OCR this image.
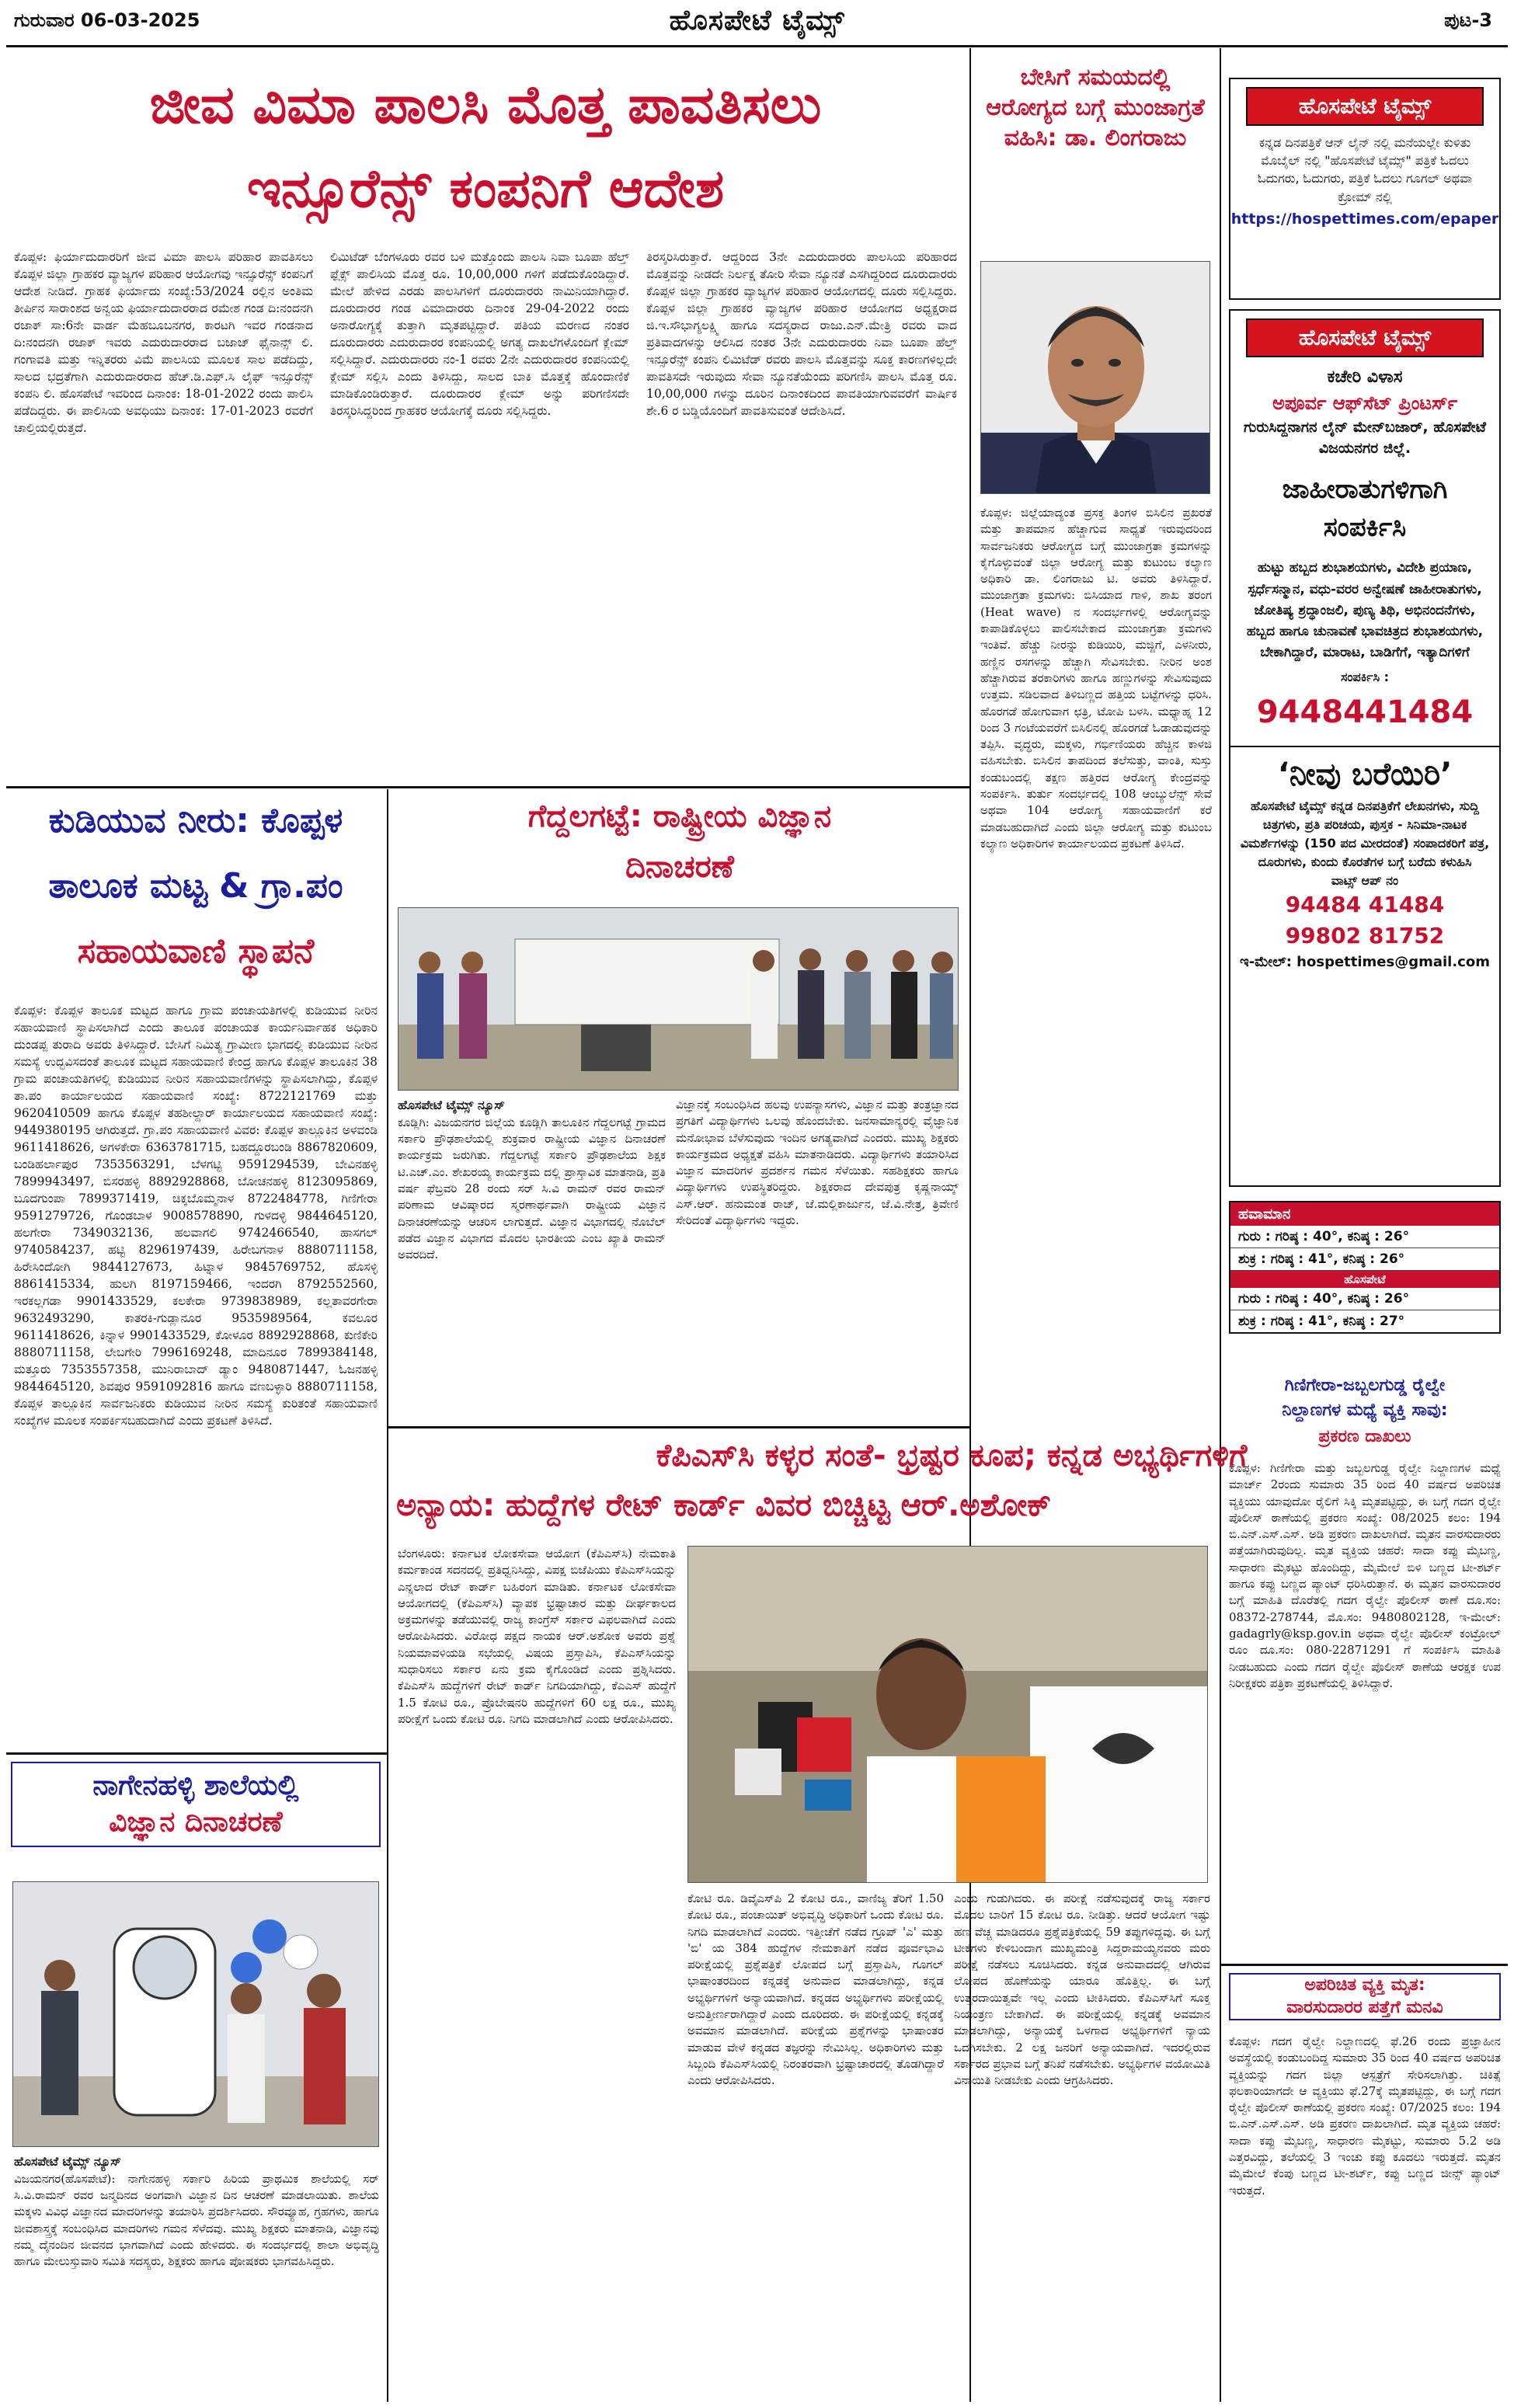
ಹೊಸಪೇಟೆ ಟೈಮ್ಸ್
ಗುರುವಾರ 06-03-2025	ಪುಟ-3
ಜೀವ ವಿಮಾ ಪಾಲಸಿ ಮೊತ್ತ ಪಾವತಿಸಲು
ಇನ್ಸೂರೆನ್ಸ್ ಕಂಪನಿಗೆ ಆದೇಶ
ಕೊಪ್ಪಳ: ಫಿರ್ಯಾದುದಾರರಿಗೆ ಜೀವ ವಿಮಾ ಪಾಲಸಿ ಪರಿಹಾರ ಪಾವತಿಸಲು ಕೊಪ್ಪಳ ಜಿಲ್ಲಾ ಗ್ರಾಹಕರ ವ್ಯಾಜ್ಯಗಳ ಪರಿಹಾರ ಆಯೋಗವು ಇನ್ಸೂರೆನ್ಸ್ ಕಂಪನಿಗೆ ಆದೇಶ ನೀಡಿದೆ. ಗ್ರಾಹಕ ಫಿರ್ಯಾದು ಸಂಖ್ಯೆ:53/2024 ರಲ್ಲಿನ ಅಂತಿಮ ತೀರ್ಪಿನ ಸಾರಾಂಶದ ಅನ್ವಯ ಫಿರ್ಯಾದುದಾರರಾದ ರಮೇಶ ಗಂಡ ದಿ:ನಂದನಗಿ ರಜಾಕ್ ಸಾ:6ನೇ ವಾರ್ಡ ಮೆಹಬೂಬನಗರ, ಕಾರಟಗಿ ಇವರ ಗಂಡನಾದ ದಿ:ನಂದನಗಿ ರಜಾಕ್ ಇವರು ಎದುರುದಾರರಾದ ಬಜಾಜ್ ಫೈನಾನ್ಸ್ ಲಿ. ಗಂಗಾವತಿ ಮತ್ತು ಇನ್ನಿತರರು ವಿಮೆ ಪಾಲಸಿಯ ಮೂಲಕ ಸಾಲ ಪಡೆದಿದ್ದು, ಸಾಲದ ಭದ್ರತೆಗಾಗಿ ಎದುರುದಾರರಾದ ಹೆಚ್.ಡಿ.ಎಫ್.ಸಿ ಲೈಫ್ ಇನ್ಸೂರೆನ್ಸ್ ಕಂಪನಿ ಲಿ. ಹೊಸಪೇಟೆ ಇವರಿಂದ ದಿನಾಂಕ: 18-01-2022 ರಂದು ಪಾಲಿಸಿ ಪಡೆದಿದ್ದರು. ಈ ಪಾಲಿಸಿಯ ಅವಧಿಯು ದಿನಾಂಕ: 17-01-2023 ರವರೆಗೆ ಚಾಲ್ತಿಯಲ್ಲಿರುತ್ತದೆ.
ಲಿಮಿಟೆಡ್ ಬೆಂಗಳೂರು ರವರ ಬಳಿ ಮತ್ತೊಂದು ಪಾಲಸಿ ನಿವಾ ಬೂಪಾ ಹೆಲ್ತ್ ಫ್ಲೆಕ್ಸ್ ಪಾಲಿಸಿಯ ಮೊತ್ತ ರೂ. 10,00,000 ಗಳಿಗೆ ಪಡೆದುಕೊಂಡಿದ್ದಾರೆ. ಮೇಲೆ ಹೇಳಿದ ಎರಡು ಪಾಲಸಿಗಳಿಗೆ ದೂರುದಾರರು ನಾಮಿನಿಯಾಗಿದ್ದಾರೆ. ದೂರುದಾರರ ಗಂಡ ವಿಮಾದಾರರು ದಿನಾಂಕ 29-04-2022 ರಂದು ಅನಾರೋಗ್ಯಕ್ಕೆ ತುತ್ತಾಗಿ ಮೃತಪಟ್ಟಿದ್ದಾರೆ. ಪತಿಯ ಮರಣದ ನಂತರ ದೂರುದಾರರು ಎದುರುದಾರರ ಕಂಪನಿಯಲ್ಲಿ ಅಗತ್ಯ ದಾಖಲೆಗಳೊಂದಿಗೆ ಕ್ಲೇಮ್ ಸಲ್ಲಿಸಿದ್ದಾರೆ. ಎದುರುದಾರರು ನಂ-1 ರವರು 2ನೇ ಎದುರುದಾರರ ಕಂಪನಿಯಲ್ಲಿ ಕ್ಲೇಮ್ ಸಲ್ಲಿಸಿ ಎಂದು ತಿಳಿಸಿದ್ದು, ಸಾಲದ ಬಾಕಿ ಮೊತ್ತಕ್ಕೆ ಹೊಂದಾಣಿಕೆ ಮಾಡಿಕೊಂಡಿರುತ್ತಾರೆ. ದೂರುದಾರರ ಕ್ಲೇಮ್ ಅನ್ನು ಪರಿಗಣಿಸದೇ ತಿರಸ್ಕರಿಸಿದ್ದರಿಂದ ಗ್ರಾಹಕರ ಆಯೋಗಕ್ಕೆ ದೂರು ಸಲ್ಲಿಸಿದ್ದರು.
ತಿರಸ್ಕರಿಸಿರುತ್ತಾರೆ. ಆದ್ದರಿಂದ 3ನೇ ಎದುರುದಾರರು ಪಾಲಸಿಯ ಪರಿಹಾರದ ಮೊತ್ತವನ್ನು ನೀಡದೇ ನಿರ್ಲಕ್ಷ ತೋರಿ ಸೇವಾ ನ್ಯೂನತೆ ಎಸಗಿದ್ದರಿಂದ ದೂರುದಾರರು ಕೊಪ್ಪಳ ಜಿಲ್ಲಾ ಗ್ರಾಹಕರ ವ್ಯಾಜ್ಯಗಳ ಪರಿಹಾರ ಆಯೋಗದಲ್ಲಿ ದೂರು ಸಲ್ಲಿಸಿದ್ದರು. ಕೊಪ್ಪಳ ಜಿಲ್ಲಾ ಗ್ರಾಹಕರ ವ್ಯಾಜ್ಯಗಳ ಪರಿಹಾರ ಆಯೋಗದ ಅಧ್ಯಕ್ಷರಾದ ಜಿ.ಇ.ಸೌಭಾಗ್ಯಲಕ್ಷ್ಮಿ ಹಾಗೂ ಸದಸ್ಯರಾದ ರಾಜು.ಎನ್.ಮೇತ್ರಿ ರವರು ವಾದ ಪ್ರತಿವಾದಗಳನ್ನು ಆಲಿಸಿದ ನಂತರ 3ನೇ ಎದುರುದಾರರು ನಿವಾ ಬೂಪಾ ಹೆಲ್ತ್ ಇನ್ಸೂರೆನ್ಸ್ ಕಂಪನಿ ಲಿಮಿಟೆಡ್ ರವರು ಪಾಲಸಿ ಮೊತ್ತವನ್ನು ಸೂಕ್ತ ಕಾರಣಗಳಿಲ್ಲದೇ ಪಾವತಿಸದೇ ಇರುವುದು ಸೇವಾ ನ್ಯೂನತೆಯೆಂದು ಪರಿಗಣಿಸಿ ಪಾಲಸಿ ಮೊತ್ತ ರೂ. 10,00,000 ಗಳನ್ನು ದೂರಿನ ದಿನಾಂಕದಿಂದ ಪಾವತಿಯಾಗುವವರೆಗೆ ವಾರ್ಷಿಕ ಶೇ.6 ರ ಬಡ್ಡಿಯೊಂದಿಗೆ ಪಾವತಿಸುವಂತೆ ಆದೇಶಿಸಿದೆ.
ಬೇಸಿಗೆ ಸಮಯದಲ್ಲಿ ಆರೋಗ್ಯದ ಬಗ್ಗೆ ಮುಂಜಾಗ್ರತೆ ವಹಿಸಿ: ಡಾ. ಲಿಂಗರಾಜು
ಕೊಪ್ಪಳ: ಜಿಲ್ಲೆಯಾದ್ಯಂತ ಪ್ರಸಕ್ತ ತಿಂಗಳ ಬಿಸಿಲಿನ ಪ್ರಖರತೆ ಮತ್ತು ತಾಪಮಾನ ಹೆಚ್ಚಾಗುವ ಸಾಧ್ಯತೆ ಇರುವುದರಿಂದ ಸಾರ್ವಜನಿಕರು ಆರೋಗ್ಯದ ಬಗ್ಗೆ ಮುಂಜಾಗ್ರತಾ ಕ್ರಮಗಳನ್ನು ಕೈಗೊಳ್ಳುವಂತೆ ಜಿಲ್ಲಾ ಆರೋಗ್ಯ ಮತ್ತು ಕುಟುಂಬ ಕಲ್ಯಾಣ ಅಧಿಕಾರಿ ಡಾ. ಲಿಂಗರಾಜು ಟಿ. ಅವರು ತಿಳಿಸಿದ್ದಾರೆ. ಮುಂಜಾಗ್ರತಾ ಕ್ರಮಗಳು: ಬಿಸಿಯಾದ ಗಾಳಿ, ಶಾಖ ತರಂಗ (Heat wave) ನ ಸಂದರ್ಭಗಳಲ್ಲಿ ಆರೋಗ್ಯವನ್ನು ಕಾಪಾಡಿಕೊಳ್ಳಲು ಪಾಲಿಸಬೇಕಾದ ಮುಂಜಾಗ್ರತಾ ಕ್ರಮಗಳು ಇಂತಿವೆ. ಹೆಚ್ಚು ನೀರನ್ನು ಕುಡಿಯಿರಿ, ಮಜ್ಜಿಗೆ, ಎಳನೀರು, ಹಣ್ಣಿನ ರಸಗಳನ್ನು ಹೆಚ್ಚಾಗಿ ಸೇವಿಸಬೇಕು. ನೀರಿನ ಅಂಶ ಹೆಚ್ಚಾಗಿರುವ ತರಕಾರಿಗಳು ಹಾಗೂ ಹಣ್ಣುಗಳನ್ನು ಸೇವಿಸುವುದು ಉತ್ತಮ. ಸಡಿಲವಾದ ತಿಳಿಬಣ್ಣದ ಹತ್ತಿಯ ಬಟ್ಟೆಗಳನ್ನು ಧರಿಸಿ. ಹೊರಗಡೆ ಹೋಗುವಾಗ ಛತ್ರಿ, ಟೋಪಿ ಬಳಸಿ. ಮಧ್ಯಾಹ್ನ 12 ರಿಂದ 3 ಗಂಟೆಯವರೆಗೆ ಬಿಸಿಲಿನಲ್ಲಿ ಹೊರಗಡೆ ಓಡಾಡುವುದನ್ನು ತಪ್ಪಿಸಿ. ವೃದ್ಧರು, ಮಕ್ಕಳು, ಗರ್ಭಿಣಿಯರು ಹೆಚ್ಚಿನ ಕಾಳಜಿ ವಹಿಸಬೇಕು. ಬಿಸಿಲಿನ ತಾಪದಿಂದ ತಲೆಸುತ್ತು, ವಾಂತಿ, ಸುಸ್ತು ಕಂಡುಬಂದಲ್ಲಿ ತಕ್ಷಣ ಹತ್ತಿರದ ಆರೋಗ್ಯ ಕೇಂದ್ರವನ್ನು ಸಂಪರ್ಕಿಸಿ. ತುರ್ತು ಸಂದರ್ಭದಲ್ಲಿ 108 ಆಂಬ್ಯುಲೆನ್ಸ್ ಸೇವೆ ಅಥವಾ 104 ಆರೋಗ್ಯ ಸಹಾಯವಾಣಿಗೆ ಕರೆ ಮಾಡಬಹುದಾಗಿದೆ ಎಂದು ಜಿಲ್ಲಾ ಆರೋಗ್ಯ ಮತ್ತು ಕುಟುಂಬ ಕಲ್ಯಾಣ ಅಧಿಕಾರಿಗಳ ಕಾರ್ಯಾಲಯದ ಪ್ರಕಟಣೆ ತಿಳಿಸಿದೆ.
ಹೊಸಪೇಟೆ ಟೈಮ್ಸ್
ಕನ್ನಡ ದಿನಪತ್ರಿಕೆ ಆನ್ ಲೈನ್ ನಲ್ಲಿ ಮನೆಯಲ್ಲೇ ಕುಳಿತು ಮೊಬೈಲ್ ನಲ್ಲಿ "ಹೊಸಪೇಟೆ ಟೈಮ್ಸ್" ಪತ್ರಿಕೆ ಓದಲು ಓದುಗರು, ಓದುಗರು, ಪತ್ರಿಕೆ ಓದಲು ಗೂಗಲ್ ಅಥವಾ ಕ್ರೋಮ್ ನಲ್ಲಿ
https://hospettimes.com/epaper
ಹೊಸಪೇಟೆ ಟೈಮ್ಸ್
ಕಚೇರಿ ವಿಳಾಸ
ಅಪೂರ್ವ ಆಫ್‌ಸೆಟ್ ಪ್ರಿಂಟರ್ಸ್
ಗುರುಸಿದ್ದನಾಗನ ಲೈನ್ ಮೇನ್‌ಬಜಾರ್, ಹೊಸಪೇಟೆ ವಿಜಯನಗರ ಜಿಲ್ಲೆ.
ಜಾಹೀರಾತುಗಳಿಗಾಗಿ
ಸಂಪರ್ಕಿಸಿ
ಹುಟ್ಟು ಹಬ್ಬದ ಶುಭಾಶಯಗಳು, ವಿದೇಶಿ ಪ್ರಯಾಣ, ಸ್ಪರ್ಧೆಸನ್ಮಾನ, ವಧು-ವರರ ಅನ್ವೇಷಣೆ ಜಾಹೀರಾತುಗಳು, ಜೋತಿಷ್ಯ ಶ್ರದ್ಧಾಂಜಲಿ, ಪುಣ್ಯ ತಿಥಿ, ಅಭಿನಂದನೆಗಳು, ಹಬ್ಬದ ಹಾಗೂ ಚುನಾವಣೆ ಭಾವಚಿತ್ರದ ಶುಭಾಶಯಗಳು, ಬೇಕಾಗಿದ್ದಾರೆ, ಮಾರಾಟ, ಬಾಡಿಗೆಗೆ, ಇತ್ಯಾದಿಗಳಿಗೆ
ಸಂಪರ್ಕಿಸಿ :
9448441484
‘ನೀವು ಬರೆಯಿರಿ’
ಹೊಸಪೇಟೆ ಟೈಮ್ಸ್ ಕನ್ನಡ ದಿನಪತ್ರಿಕೆಗೆ ಲೇಖನಗಳು, ಸುದ್ದಿ ಚಿತ್ರಗಳು, ಪ್ರತಿ ಪರಿಚಯ, ಪುಸ್ತಕ - ಸಿನಿಮಾ-ನಾಟಕ ವಿಮರ್ಶೆಗಳನ್ನು (150 ಪದ ಮೀರದಂತೆ) ಸಂಪಾದಕರಿಗೆ ಪತ್ರ, ದೂರುಗಳು, ಕುಂದು ಕೊರತೆಗಳ ಬಗ್ಗೆ ಬರೆದು ಕಳುಹಿಸಿ
ವಾಟ್ಸ್ ಆಪ್ ನಂ
94484 41484
99802 81752
ಇ-ಮೇಲ್: hospettimes@gmail.com
ಹವಾಮಾನ
ಗುರು : ಗರಿಷ್ಠ : 40°, ಕನಿಷ್ಠ : 26°
ಶುಕ್ರ : ಗರಿಷ್ಠ : 41°, ಕನಿಷ್ಠ : 26°
ಹೊಸಪೇಟೆ
ಗುರು : ಗರಿಷ್ಠ : 40°, ಕನಿಷ್ಠ : 26°
ಶುಕ್ರ : ಗರಿಷ್ಠ : 41°, ಕನಿಷ್ಠ : 27°
ಗಿಣಿಗೇರಾ-ಜಬ್ಬಲಗುಡ್ಡ ರೈಲ್ವೇ
ನಿಲ್ದಾಣಗಳ ಮಧ್ಯೆ ವ್ಯಕ್ತಿ ಸಾವು:
ಪ್ರಕರಣ ದಾಖಲು
ಕೊಪ್ಪಳ: ಗಿಣಿಗೇರಾ ಮತ್ತು ಜಬ್ಬಲಗುಡ್ಡ ರೈಲ್ವೇ ನಿಲ್ದಾಣಗಳ ಮಧ್ಯೆ ಮಾರ್ಚ್ 2ರಂದು ಸುಮಾರು 35 ರಿಂದ 40 ವರ್ಷದ ಅಪರಿಚಿತ ವ್ಯಕ್ತಿಯು ಯಾವುದೋ ರೈಲಿಗೆ ಸಿಕ್ಕಿ ಮೃತಪಟ್ಟಿದ್ದು, ಈ ಬಗ್ಗೆ ಗದಗ ರೈಲ್ವೇ ಪೊಲೀಸ್ ಠಾಣೆಯಲ್ಲಿ ಪ್ರಕರಣ ಸಂಖ್ಯೆ: 08/2025 ಕಲಂ: 194 ಬಿ.ಎನ್.ಎಸ್.ಎಸ್. ಅಡಿ ಪ್ರಕರಣ ದಾಖಲಾಗಿದೆ. ಮೃತನ ವಾರಸುದಾರರು ಪತ್ತೆಯಾಗಿರುವುದಿಲ್ಲ. ಮೃತ ವ್ಯಕ್ತಿಯ ಚಹರೆ: ಸಾದಾ ಕಪ್ಪು ಮೈಬಣ್ಣ, ಸಾಧಾರಣ ಮೈಕಟ್ಟು ಹೊಂದಿದ್ದು, ಮೈಮೇಲೆ ಬಿಳಿ ಬಣ್ಣದ ಟೀ-ಶರ್ಟ್ ಹಾಗೂ ಕಪ್ಪು ಬಣ್ಣದ ಪ್ಯಾಂಟ್ ಧರಿಸಿರುತ್ತಾನೆ. ಈ ಮೃತನ ವಾರಸುದಾರರ ಬಗ್ಗೆ ಮಾಹಿತಿ ದೊರೆತಲ್ಲಿ ಗದಗ ರೈಲ್ವೇ ಪೊಲೀಸ್ ಠಾಣೆ ದೂ.ಸಂ: 08372-278744, ಮೊ.ಸಂ: 9480802128, ಇ-ಮೇಲ್: gadagrly@ksp.gov.in ಅಥವಾ ರೈಲ್ವೇ ಪೊಲೀಸ್ ಕಂಟ್ರೋಲ್ ರೂಂ ದೂ.ಸಂ: 080-22871291 ಗೆ ಸಂಪರ್ಕಿಸಿ ಮಾಹಿತಿ ನೀಡಬಹುದು ಎಂದು ಗದಗ ರೈಲ್ವೇ ಪೊಲೀಸ್ ಠಾಣೆಯ ಆರಕ್ಷಕ ಉಪ ನಿರೀಕ್ಷಕರು ಪತ್ರಿಕಾ ಪ್ರಕಟಣೆಯಲ್ಲಿ ತಿಳಿಸಿದ್ದಾರೆ.
ಅಪರಿಚಿತ ವ್ಯಕ್ತಿ ಮೃತ:
ವಾರಸುದಾರರ ಪತ್ತೆಗೆ ಮನವಿ
ಕೊಪ್ಪಳ: ಗದಗ ರೈಲ್ವೇ ನಿಲ್ದಾಣದಲ್ಲಿ ಫೆ.26 ರಂದು ಪ್ರಜ್ಞಾಹೀನ ಅವಸ್ಥೆಯಲ್ಲಿ ಕಂಡುಬಂದಿದ್ದ ಸುಮಾರು 35 ರಿಂದ 40 ವರ್ಷದ ಅಪರಿಚಿತ ವ್ಯಕ್ತಿಯನ್ನು ಗದಗ ಜಿಲ್ಲಾ ಆಸ್ಪತ್ರೆಗೆ ಸೇರಿಸಲಾಗಿತ್ತು. ಚಿಕಿತ್ಸೆ ಫಲಕಾರಿಯಾಗದೇ ಆ ವ್ಯಕ್ತಿಯು ಫೆ.27ಕ್ಕೆ ಮೃತಪಟ್ಟಿದ್ದು, ಈ ಬಗ್ಗೆ ಗದಗ ರೈಲ್ವೇ ಪೊಲೀಸ್ ಠಾಣೆಯಲ್ಲಿ ಪ್ರಕರಣ ಸಂಖ್ಯೆ: 07/2025 ಕಲಂ: 194 ಬಿ.ಎನ್.ಎಸ್.ಎಸ್. ಅಡಿ ಪ್ರಕರಣ ದಾಖಲಾಗಿದೆ. ಮೃತ ವ್ಯಕ್ತಿಯ ಚಹರೆ: ಸಾದಾ ಕಪ್ಪು ಮೈಬಣ್ಣ, ಸಾಧಾರಣ ಮೈಕಟ್ಟು, ಸುಮಾರು 5.2 ಅಡಿ ಎತ್ತರವಿದ್ದು, ತಲೆಯಲ್ಲಿ 3 ಇಂಚು ಕಪ್ಪು ಕೂದಲು ಇರುತ್ತದೆ. ಮೃತನ ಮೈಮೇಲೆ ಕೆಂಪು ಬಣ್ಣದ ಟೀ-ಶರ್ಟ್, ಕಪ್ಪು ಬಣ್ಣದ ಜೀನ್ಸ್ ಪ್ಯಾಂಟ್ ಇರುತ್ತದೆ.
ಕುಡಿಯುವ ನೀರು: ಕೊಪ್ಪಳ
ತಾಲೂಕ ಮಟ್ಟ & ಗ್ರಾ.ಪಂ
ಸಹಾಯವಾಣಿ ಸ್ಥಾಪನೆ
ಕೊಪ್ಪಳ: ಕೊಪ್ಪಳ ತಾಲೂಕ ಮಟ್ಟದ ಹಾಗೂ ಗ್ರಾಮ ಪಂಚಾಯತಿಗಳಲ್ಲಿ ಕುಡಿಯುವ ನೀರಿನ ಸಹಾಯವಾಣಿ ಸ್ಥಾಪಿಸಲಾಗಿದೆ ಎಂದು ತಾಲೂಕ ಪಂಚಾಯತ ಕಾರ್ಯನಿರ್ವಾಹಕ ಅಧಿಕಾರಿ ದುಂಡಪ್ಪ ತುರಾದಿ ಅವರು ತಿಳಿಸಿದ್ದಾರೆ. ಬೇಸಿಗೆ ನಿಮಿತ್ಯ ಗ್ರಾಮೀಣ ಭಾಗದಲ್ಲಿ ಕುಡಿಯುವ ನೀರಿನ ಸಮಸ್ಯೆ ಉದ್ಭವಿಸದಂತೆ ತಾಲೂಕ ಮಟ್ಟದ ಸಹಾಯವಾಣಿ ಕೇಂದ್ರ ಹಾಗೂ ಕೊಪ್ಪಳ ತಾಲೂಕಿನ 38 ಗ್ರಾಮ ಪಂಚಾಯತಿಗಳಲ್ಲಿ ಕುಡಿಯುವ ನೀರಿನ ಸಹಾಯವಾಣಿಗಳನ್ನು ಸ್ಥಾಪಿಸಲಾಗಿದ್ದು, ಕೊಪ್ಪಳ ತಾ.ಪಂ ಕಾರ್ಯಾಲಯದ ಸಹಾಯವಾಣಿ ಸಂಖ್ಯೆ: 8722121769 ಮತ್ತು 9620410509 ಹಾಗೂ ಕೊಪ್ಪಳ ತಹಶೀಲ್ದಾರ್ ಕಾರ್ಯಾಲಯದ ಸಹಾಯವಾಣಿ ಸಂಖ್ಯೆ: 9449380195 ಆಗಿರುತ್ತದೆ. ಗ್ರಾ.ಪಂ ಸಹಾಯವಾಣಿ ವಿವರ: ಕೊಪ್ಪಳ ತಾಲ್ಲೂಕಿನ ಅಳವಂಡಿ 9611418626, ಅಗಳಕೇರಾ 6363781715, ಬಹದ್ದೂರಬಂಡಿ 8867820609, ಬಂಡಿಹರ್ಲಾಪುರ 7353563291, ಬೆಳಗಟ್ಟಿ 9591294539, ಬೇವಿನಹಳ್ಳಿ 7899943497, ಬಿಸರಹಳ್ಳಿ 8892928868, ಬೋಚನಹಳ್ಳಿ 8123095869, ಬೂದಗುಂಪಾ 7899371419, ಚಿಕ್ಕಬೊಮ್ಮನಾಳ 8722484778, ಗಿಣಿಗೇರಾ 9591279726, ಗೊಂಡಬಾಳ 9008578890, ಗುಳದಳ್ಳಿ 9844645120, ಹಲಗೇರಾ 7349032136, ಹಲವಾಗಲಿ 9742466540, ಹಾಸಗಲ್ 9740584237, ಹಟ್ಟಿ 8296197439, ಹಿರೇಬಗನಾಳ 8880711158, ಹಿರೇಸಿಂದೋಗಿ 9844127673, ಹಿಟ್ನಾಳ 9845769752, ಹೊಸಳ್ಳಿ 8861415334, ಹುಲಗಿ 8197159466, ಇಂದರಗಿ 8792552560, ಇರಕಲ್ಲಗಡಾ 9901433529, ಕಲಕೇರಾ 9739838989, ಕಲ್ಲತಾವರಗೇರಾ 9632493290, ಕಾತರಕಿ-ಗುಡ್ಲಾನೂರ 9535989564, ಕವಲೂರ 9611418626, ಕಿನ್ನಾಳ 9901433529, ಕೋಳೂರ 8892928868, ಕುಣಿಕೇರಿ 8880711158, ಲೇಬಗೇರಿ 7996169248, ಮಾದಿನೂರ 7899384148, ಮತ್ತೂರು 7353557358, ಮುನಿರಾಬಾದ್ ಡ್ಯಾಂ 9480871447, ಓಜನಹಳ್ಳಿ 9844645120, ಶಿವಪುರ 9591092816 ಹಾಗೂ ವಣಬಳ್ಳಾರಿ 8880711158, ಕೊಪ್ಪಳ ತಾಲ್ಲೂಕಿನ ಸಾರ್ವಜನಿಕರು ಕುಡಿಯುವ ನೀರಿನ ಸಮಸ್ಯೆ ಕುರಿತಂತೆ ಸಹಾಯವಾಣಿ ಸಂಖ್ಯೆಗಳ ಮೂಲಕ ಸಂಪರ್ಕಿಸಬಹುದಾಗಿದೆ ಎಂದು ಪ್ರಕಟಣೆ ತಿಳಿಸಿದೆ.
ಗೆದ್ದಲಗಟ್ಟೆ: ರಾಷ್ಟ್ರೀಯ ವಿಜ್ಞಾನ
ದಿನಾಚರಣೆ
ಹೊಸಪೇಟೆ ಟೈಮ್ಸ್ ನ್ಯೂಸ್
ಕೂಡ್ಲಿಗಿ: ವಿಜಯನಗರ ಜಿಲ್ಲೆಯ ಕೂಡ್ಲಿಗಿ ತಾಲೂಕಿನ ಗೆದ್ದಲಗಟ್ಟೆ ಗ್ರಾಮದ ಸರ್ಕಾರಿ ಪ್ರೌಢಶಾಲೆಯಲ್ಲಿ ಶುಕ್ರವಾರ ರಾಷ್ಟ್ರೀಯ ವಿಜ್ಞಾನ ದಿನಾಚರಣೆ ಕಾರ್ಯಕ್ರಮ ಜರುಗಿತು. ಗೆದ್ದಲಗಟ್ಟೆ ಸರ್ಕಾರಿ ಪ್ರೌಢಶಾಲೆಯ ಶಿಕ್ಷಕ ಟಿ.ಎಚ್.ಎಂ. ಶೇಖರಯ್ಯ ಕಾರ್ಯಕ್ರಮ ದಲ್ಲಿ ಪ್ರಾಸ್ತಾವಿಕ ಮಾತನಾಡಿ, ಪ್ರತಿ ವರ್ಷ ಫೆಬ್ರವರಿ 28 ರಂದು ಸರ್ ಸಿ.ವಿ ರಾಮನ್ ರವರ ರಾಮನ್ ಪರಿಣಾಮ ಆವಿಷ್ಕಾರದ ಸ್ಮರಣಾರ್ಥವಾಗಿ ರಾಷ್ಟ್ರೀಯ ವಿಜ್ಞಾನ ದಿನಾಚರಣೆಯನ್ನು ಆಚರಿಸ ಲಾಗುತ್ತದೆ. ವಿಜ್ಞಾನ ವಿಭಾಗದಲ್ಲಿ ನೊಬೆಲ್ ಪಡೆದ ವಿಜ್ಞಾನ ವಿಭಾಗದ ಮೊದಲ ಭಾರತೀಯ ಎಂಬ ಖ್ಯಾತಿ ರಾಮನ್ ಅವರದಿದೆ.
ವಿಜ್ಞಾನಕ್ಕೆ ಸಂಬಂಧಿಸಿದ ಹಲವು ಉಪನ್ಯಾಸಗಳು, ವಿಜ್ಞಾನ ಮತ್ತು ತಂತ್ರಜ್ಞಾನದ ಪ್ರಗತಿಗೆ ವಿದ್ಯಾರ್ಥಿಗಳು ಒಲವು ಹೊಂದಬೇಕು. ಜನಸಾಮಾನ್ಯರಲ್ಲಿ ವೈಜ್ಞಾನಿಕ ಮನೋಭಾವ ಬೆಳೆಸುವುದು ಇಂದಿನ ಅಗತ್ಯವಾಗಿದೆ ಎಂದರು. ಮುಖ್ಯ ಶಿಕ್ಷಕರು ಕಾರ್ಯಕ್ರಮದ ಅಧ್ಯಕ್ಷತೆ ವಹಿಸಿ ಮಾತನಾಡಿದರು. ವಿದ್ಯಾರ್ಥಿಗಳು ತಯಾರಿಸಿದ ವಿಜ್ಞಾನ ಮಾದರಿಗಳ ಪ್ರದರ್ಶನ ಗಮನ ಸೆಳೆಯಿತು. ಸಹಶಿಕ್ಷಕರು ಹಾಗೂ ವಿದ್ಯಾರ್ಥಿಗಳು ಉಪಸ್ಥಿತರಿದ್ದರು. ಶಿಕ್ಷಕರಾದ ದೇವಪುತ್ರ ಕೃಷ್ಣನಾಯ್ಕ್ ಎಸ್.ಆರ್. ಹನುಮಂತ ರಾಜ್, ಜೆ.ಮಲ್ಲಿಕಾರ್ಜುನ, ಜೆ.ವಿ.ನೇತ್ರ, ತ್ರಿವೇಣಿ ಸೇರಿದಂತೆ ವಿದ್ಯಾರ್ಥಿಗಳು ಇದ್ದರು.
ಕೆಪಿಎಸ್‌ಸಿ ಕಳ್ಳರ ಸಂತೆ- ಭ್ರಷ್ಟರ ಕೂಪ; ಕನ್ನಡ ಅಭ್ಯರ್ಥಿಗಳಿಗೆ
ಅನ್ಯಾಯ: ಹುದ್ದೆಗಳ ರೇಟ್ ಕಾರ್ಡ್ ವಿವರ ಬಿಚ್ಚಿಟ್ಟ ಆರ್.ಅಶೋಕ್
ಬೆಂಗಳೂರು: ಕರ್ನಾಟಕ ಲೋಕಸೇವಾ ಆಯೋಗ (ಕೆಪಿಎಸ್‌ಸಿ) ನೇಮಕಾತಿ ಕರ್ಮಕಾಂಡ ಸದನದಲ್ಲಿ ಪ್ರತಿಧ್ವನಿಸಿದ್ದು, ವಿಪಕ್ಷ ಬಿಜೆಪಿಯು ಕೆಪಿಎಸ್‌ಸಿಯನ್ನು ಎನ್ನಲಾದ ರೇಟ್ ಕಾರ್ಡ್ ಬಹಿರಂಗ ಮಾಡಿತು. ಕರ್ನಾಟಕ ಲೋಕಸೇವಾ ಆಯೋಗದಲ್ಲಿ (ಕೆಪಿಎಸ್‌ಸಿ) ವ್ಯಾಪಕ ಭ್ರಷ್ಟಾಚಾರ ಮತ್ತು ದೀರ್ಘಕಾಲದ ಅಕ್ರಮಗಳನ್ನು ತಡೆಯುವಲ್ಲಿ ರಾಜ್ಯ ಕಾಂಗ್ರೆಸ್ ಸರ್ಕಾರ ವಿಫಲವಾಗಿದೆ ಎಂದು ಆರೋಪಿಸಿದರು. ವಿರೋಧ ಪಕ್ಷದ ನಾಯಕ ಆರ್.ಅಶೋಕ ಅವರು ಪ್ರಶ್ನೆ ನಿಯಮಾವಳಿಯಡಿ ಸಭೆಯಲ್ಲಿ ವಿಷಯ ಪ್ರಸ್ತಾಪಿಸಿ, ಕೆಪಿಎಸ್‌ಸಿಯನ್ನು ಸುಧಾರಿಸಲು ಸರ್ಕಾರ ಏನು ಕ್ರಮ ಕೈಗೊಂಡಿದೆ ಎಂದು ಪ್ರಶ್ನಿಸಿದರು. ಕೆಪಿಎಸ್‌ಸಿ ಹುದ್ದೆಗಳಿಗೆ ರೇಟ್ ಕಾರ್ಡ್ ನಿಗದಿಯಾಗಿದ್ದು, ಕೆಎಎಸ್ ಹುದ್ದೆಗೆ 1.5 ಕೋಟಿ ರೂ., ಪ್ರೊಬೇಷನರಿ ಹುದ್ದೆಗಳಿಗೆ 60 ಲಕ್ಷ ರೂ., ಮುಖ್ಯ ಪರೀಕ್ಷೆಗೆ ಒಂದು ಕೋಟಿ ರೂ. ನಿಗದಿ ಮಾಡಲಾಗಿದೆ ಎಂದು ಆರೋಪಿಸಿದರು.
ಕೋಟಿ ರೂ. ಡಿವೈಎಸ್‌ಪಿ 2 ಕೋಟಿ ರೂ., ವಾಣಿಜ್ಯ ತೆರಿಗೆ 1.50 ಕೋಟಿ ರೂ., ಪಂಚಾಯಿತ್ ಅಭಿವೃದ್ಧಿ ಅಧಿಕಾರಿಗೆ ಒಂದು ಕೋಟಿ ರೂ. ನಿಗದಿ ಮಾಡಲಾಗಿದೆ ಎಂದರು. ಇತ್ತೀಚೆಗೆ ನಡೆದ ಗ್ರೂಪ್ 'ಎ' ಮತ್ತು 'ಬಿ' ಯ 384 ಹುದ್ದೆಗಳ ನೇಮಕಾತಿಗೆ ನಡೆದ ಪೂರ್ವಭಾವಿ ಪರೀಕ್ಷೆಯಲ್ಲಿ ಪ್ರಶ್ನೆಪತ್ರಿಕೆ ಲೋಪದ ಬಗ್ಗೆ ಪ್ರಸ್ತಾಪಿಸಿ, ಗೂಗಲ್ ಭಾಷಾಂತರದಿಂದ ಕನ್ನಡಕ್ಕೆ ಅನುವಾದ ಮಾಡಲಾಗಿದ್ದು, ಕನ್ನಡ ಅಭ್ಯರ್ಥಿಗಳಿಗೆ ಅನ್ಯಾಯವಾಗಿದೆ. ಕನ್ನಡದ ಅಭ್ಯರ್ಥಿಗಳು ಪರೀಕ್ಷೆಯಲ್ಲಿ ಅನುತ್ತೀರ್ಣರಾಗಿದ್ದಾರೆ ಎಂದು ದೂರಿದರು. ಈ ಪರೀಕ್ಷೆಯಲ್ಲಿ ಕನ್ನಡಕ್ಕೆ ಅವಮಾನ ಮಾಡಲಾಗಿದೆ. ಪರೀಕ್ಷೆಯ ಪ್ರಶ್ನೆಗಳನ್ನು ಭಾಷಾಂತರ ಮಾಡುವ ವೇಳೆ ಕನ್ನಡದ ತಜ್ಞರನ್ನು ನೇಮಿಸಿಲ್ಲ. ಅಧಿಕಾರಿಗಳು ಮತ್ತು ಸಿಬ್ಬಂದಿ ಕೆಪಿಎಸ್‌ಸಿಯಲ್ಲಿ ನಿರಂತರವಾಗಿ ಭ್ರಷ್ಟಾಚಾರದಲ್ಲಿ ತೊಡಗಿದ್ದಾರೆ ಎಂದು ಆರೋಪಿಸಿದರು.
ಎಂದು ಗುಡುಗಿದರು. ಈ ಪರೀಕ್ಷೆ ನಡೆಸುವುದಕ್ಕೆ ರಾಜ್ಯ ಸರ್ಕಾರ ಮೊದಲ ಬಾರಿಗೆ 15 ಕೋಟಿ ರೂ. ನೀಡಿತ್ತು. ಆದರೆ ಆಯೋಗ ಇಷ್ಟು ಹಣ ವೆಚ್ಚ ಮಾಡಿದರೂ ಪ್ರಶ್ನೆಪತ್ರಿಕೆಯಲ್ಲಿ 59 ತಪ್ಪುಗಳಿದ್ದವು. ಈ ಬಗ್ಗೆ ಟೀಕೆಗಳು ಕೇಳಿಬಂದಾಗ ಮುಖ್ಯಮಂತ್ರಿ ಸಿದ್ದರಾಮಯ್ಯನವರು ಮರು ಪರೀಕ್ಷೆ ನಡೆಸಲು ಸೂಚಿಸಿದರು. ಕನ್ನಡ ಅನುವಾದದಲ್ಲಿ ಆಗಿರುವ ಲೋಪದ ಹೊಣೆಯನ್ನು ಯಾರೂ ಹೊತ್ತಿಲ್ಲ. ಈ ಬಗ್ಗೆ ಉತ್ತರದಾಯಿತ್ವವೇ ಇಲ್ಲ ಎಂದು ಟೀಕಿಸಿದರು. ಕೆಪಿಎಸ್‌ಸಿಗೆ ಸೂಕ್ತ ನಿಯಂತ್ರಣ ಬೇಕಾಗಿದೆ. ಈ ಪರೀಕ್ಷೆಯಲ್ಲಿ ಕನ್ನಡಕ್ಕೆ ಅವಮಾನ ಮಾಡಲಾಗಿದ್ದು, ಅನ್ಯಾಯಕ್ಕೆ ಒಳಗಾದ ಅಭ್ಯರ್ಥಿಗಳಿಗೆ ನ್ಯಾಯ ಒದಗಿಸಬೇಕು. 2 ಲಕ್ಷ ಜನರಿಗೆ ಅನ್ಯಾಯವಾಗಿದೆ. ಇದರಲ್ಲಿರುವ ಸರ್ಕಾರದ ಪ್ರಭಾವ ಬಗ್ಗೆ ತನಿಖೆ ನಡೆಸಬೇಕು. ಅಭ್ಯರ್ಥಿಗಳ ವಯೋಮಿತಿ ವಿನಾಯಿತಿ ನೀಡಬೇಕು ಎಂದು ಆಗ್ರಹಿಸಿದರು.
ನಾಗೇನಹಳ್ಳಿ ಶಾಲೆಯಲ್ಲಿ
ವಿಜ್ಞಾನ ದಿನಾಚರಣೆ
ಹೊಸಪೇಟೆ ಟೈಮ್ಸ್ ನ್ಯೂಸ್
ವಿಜಯನಗರ(ಹೊಸಪೇಟೆ): ನಾಗೇನಹಳ್ಳಿ ಸರ್ಕಾರಿ ಹಿರಿಯ ಪ್ರಾಥಮಿಕ ಶಾಲೆಯಲ್ಲಿ ಸರ್ ಸಿ.ವಿ.ರಾಮನ್ ರವರ ಜನ್ಮದಿನದ ಅಂಗವಾಗಿ ವಿಜ್ಞಾನ ದಿನ ಆಚರಣೆ ಮಾಡಲಾಯಿತು. ಶಾಲೆಯ ಮಕ್ಕಳು ವಿವಿಧ ವಿಜ್ಞಾನದ ಮಾದರಿಗಳನ್ನು ತಯಾರಿಸಿ ಪ್ರದರ್ಶಿಸಿದರು. ಸೌರವ್ಯೂಹ, ಗ್ರಹಗಳು, ಹಾಗೂ ಜೀವಶಾಸ್ತ್ರಕ್ಕೆ ಸಂಬಂಧಿಸಿದ ಮಾದರಿಗಳು ಗಮನ ಸೆಳೆದವು. ಮುಖ್ಯ ಶಿಕ್ಷಕರು ಮಾತನಾಡಿ, ವಿಜ್ಞಾನವು ನಮ್ಮ ದೈನಂದಿನ ಜೀವನದ ಭಾಗವಾಗಿದೆ ಎಂದು ಹೇಳಿದರು. ಈ ಸಂದರ್ಭದಲ್ಲಿ ಶಾಲಾ ಅಭಿವೃದ್ಧಿ ಹಾಗೂ ಮೇಲುಸ್ತುವಾರಿ ಸಮಿತಿ ಸದಸ್ಯರು, ಶಿಕ್ಷಕರು ಹಾಗೂ ಪೋಷಕರು ಭಾಗವಹಿಸಿದ್ದರು.
